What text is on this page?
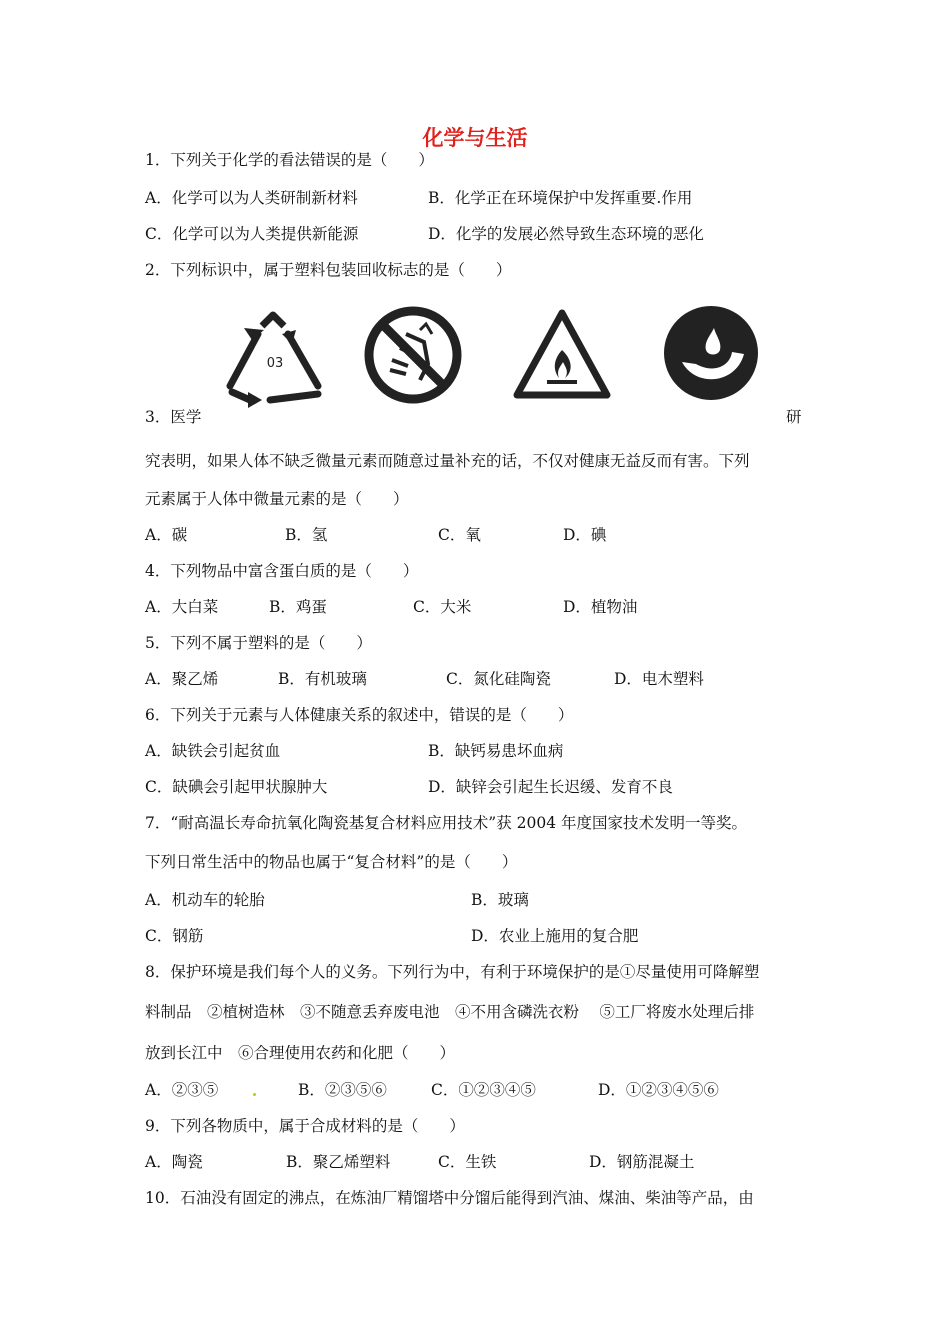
化学与生活
1．下列关于化学的看法错误的是（　　）
A．化学可以为人类研制新材料	B．化学正在环境保护中发挥重要.作用
C．化学可以为人类提供新能源	D．化学的发展必然导致生态环境的恶化
2．下列标识中，属于塑料包装回收标志的是（　　）
03
3．医学	研
究表明，如果人体不缺乏微量元素而随意过量补充的话，不仅对健康无益反而有害。下列
元素属于人体中微量元素的是（　　）
A．碳	B．氢	C．氧	D．碘
4．下列物品中富含蛋白质的是（　　）
A．大白菜	B．鸡蛋	C．大米	D．植物油
5．下列不属于塑料的是（　　）
A．聚乙烯	B．有机玻璃	C．氮化硅陶瓷	D．电木塑料
6．下列关于元素与人体健康关系的叙述中，错误的是（　　）
A．缺铁会引起贫血	B．缺钙易患坏血病
C．缺碘会引起甲状腺肿大	D．缺锌会引起生长迟缓、发育不良
7．“耐高温长寿命抗氧化陶瓷基复合材料应用技术”获 2004 年度国家技术发明一等奖。
下列日常生活中的物品也属于“复合材料”的是（　　）
A．机动车的轮胎	B．玻璃
C．钢筋	D．农业上施用的复合肥
8．保护环境是我们每个人的义务。下列行为中，有利于环境保护的是①尽量使用可降解塑
料制品　②植树造林　③不随意丢弃废电池　④不用含磷洗衣粉　 ⑤工厂将废水处理后排
放到长江中　⑥合理使用农药和化肥（　　）
A．②③⑤	B．②③⑤⑥	C．①②③④⑤	D．①②③④⑤⑥
9．下列各物质中，属于合成材料的是（　　）
A．陶瓷	B．聚乙烯塑料	C．生铁	D．钢筋混凝土
10．石油没有固定的沸点，在炼油厂精馏塔中分馏后能得到汽油、煤油、柴油等产品，由
